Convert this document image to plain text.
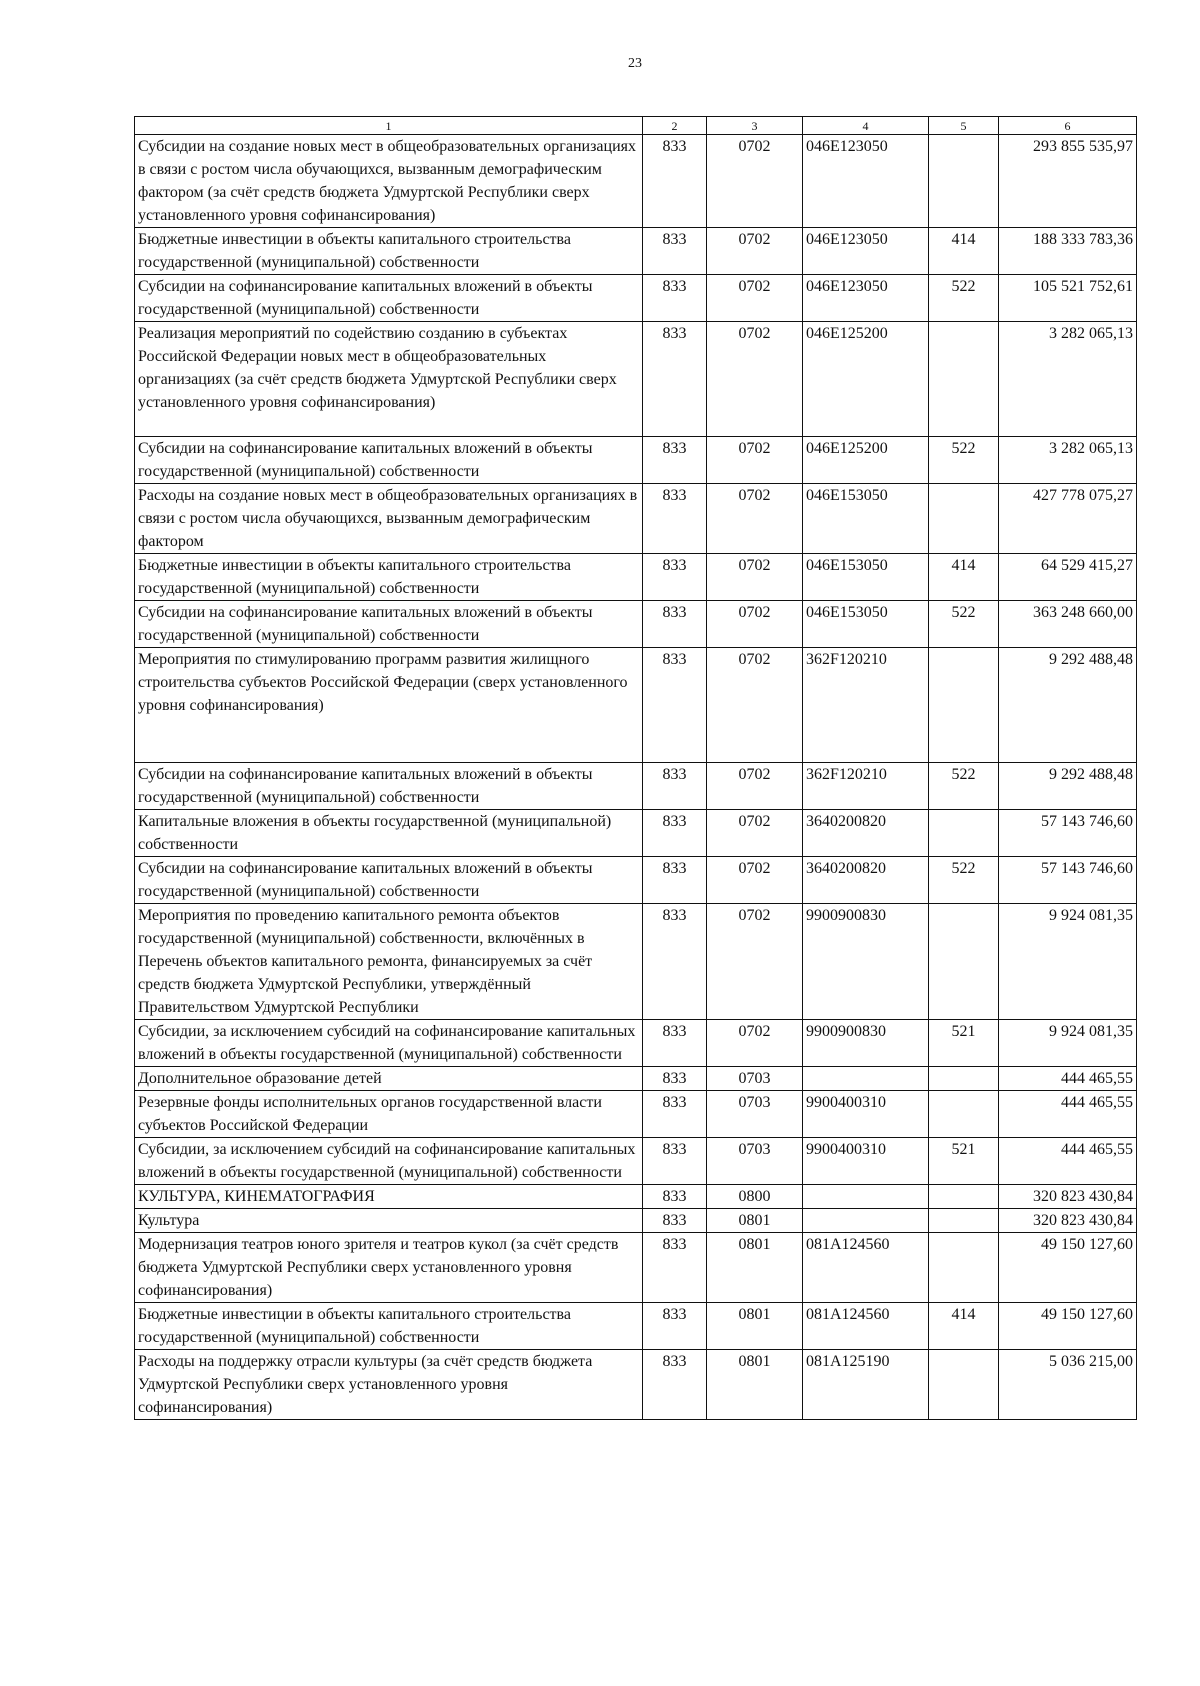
23
1	2	3	4	5	6
Субсидии на создание новых мест в общеобразовательных организациях в связи с ростом числа обучающихся, вызванным демографическим фактором (за счёт средств бюджета Удмуртской Республики сверх установленного уровня софинансирования)	833	0702	046E123050		293 855 535,97
Бюджетные инвестиции в объекты капитального строительства государственной (муниципальной) собственности	833	0702	046E123050	414	188 333 783,36
Субсидии на софинансирование капитальных вложений в объекты государственной (муниципальной) собственности	833	0702	046E123050	522	105 521 752,61
Реализация мероприятий по содействию созданию в субъектах Российской Федерации новых мест в общеобразовательных организациях (за счёт средств бюджета Удмуртской Республики сверх установленного уровня софинансирования)	833	0702	046E125200		3 282 065,13
Субсидии на софинансирование капитальных вложений в объекты государственной (муниципальной) собственности	833	0702	046E125200	522	3 282 065,13
Расходы на создание новых мест в общеобразовательных организациях в связи с ростом числа обучающихся, вызванным демографическим фактором	833	0702	046E153050		427 778 075,27
Бюджетные инвестиции в объекты капитального строительства государственной (муниципальной) собственности	833	0702	046E153050	414	64 529 415,27
Субсидии на софинансирование капитальных вложений в объекты государственной (муниципальной) собственности	833	0702	046E153050	522	363 248 660,00
Мероприятия по стимулированию программ развития жилищного строительства субъектов Российской Федерации (сверх установленного уровня софинансирования)	833	0702	362F120210		9 292 488,48
Субсидии на софинансирование капитальных вложений в объекты государственной (муниципальной) собственности	833	0702	362F120210	522	9 292 488,48
Капитальные вложения в объекты государственной (муниципальной) собственности	833	0702	3640200820		57 143 746,60
Субсидии на софинансирование капитальных вложений в объекты государственной (муниципальной) собственности	833	0702	3640200820	522	57 143 746,60
Мероприятия по проведению капитального ремонта объектов государственной (муниципальной) собственности, включённых в Перечень объектов капитального ремонта, финансируемых за счёт средств бюджета Удмуртской Республики, утверждённый Правительством Удмуртской Республики	833	0702	9900900830		9 924 081,35
Субсидии, за исключением субсидий на софинансирование капитальных вложений в объекты государственной (муниципальной) собственности	833	0702	9900900830	521	9 924 081,35
Дополнительное образование детей	833	0703			444 465,55
Резервные фонды исполнительных органов государственной власти субъектов Российской Федерации	833	0703	9900400310		444 465,55
Субсидии, за исключением субсидий на софинансирование капитальных вложений в объекты государственной (муниципальной) собственности	833	0703	9900400310	521	444 465,55
КУЛЬТУРА, КИНЕМАТОГРАФИЯ	833	0800			320 823 430,84
Культура	833	0801			320 823 430,84
Модернизация театров юного зрителя и театров кукол (за счёт средств бюджета Удмуртской Республики сверх установленного уровня софинансирования)	833	0801	081A124560		49 150 127,60
Бюджетные инвестиции в объекты капитального строительства государственной (муниципальной) собственности	833	0801	081A124560	414	49 150 127,60
Расходы на поддержку отрасли культуры (за счёт средств бюджета Удмуртской Республики сверх установленного уровня софинансирования)	833	0801	081A125190		5 036 215,00
